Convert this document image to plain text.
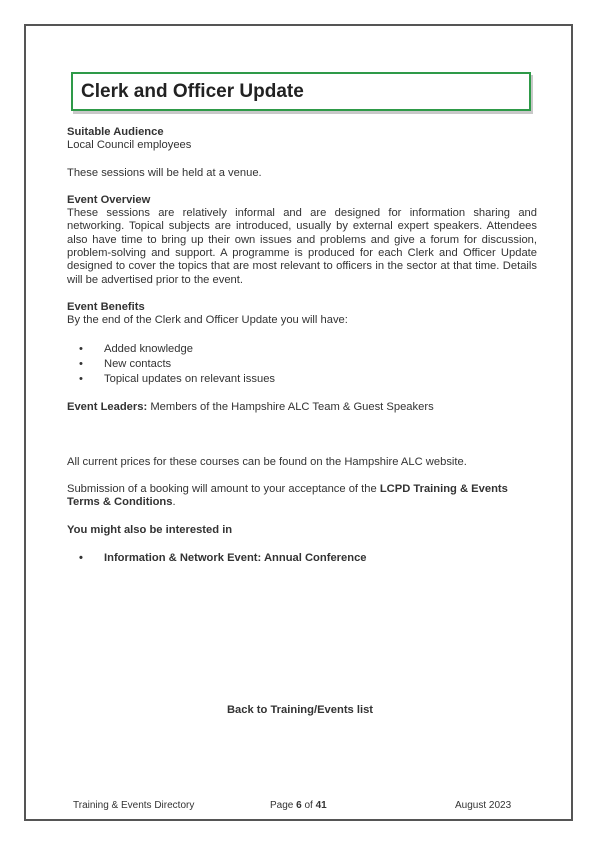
Clerk and Officer Update

Suitable Audience

Local Council employees

These sessions will be held at a venue.

Event Overview

These sessions are relatively informal and are designed for information sharing and networking. Topical subjects are introduced, usually by external expert speakers. Attendees also have time to bring up their own issues and problems and give a forum for discussion, problem-solving and support. A programme is produced for each Clerk and Officer Update designed to cover the topics that are most relevant to officers in the sector at that time. Details will be advertised prior to the event.

Event Benefits

By the end of the Clerk and Officer Update you will have:

• Added knowledge
• New contacts
• Topical updates on relevant issues

Event Leaders: Members of the Hampshire ALC Team & Guest Speakers

All current prices for these courses can be found on the Hampshire ALC website.

Submission of a booking will amount to your acceptance of the LCPD Training & Events Terms & Conditions.

You might also be interested in

• Information & Network Event: Annual Conference
Back to Training/Events list
Training & Events Directory	Page 6 of 41	August 2023
